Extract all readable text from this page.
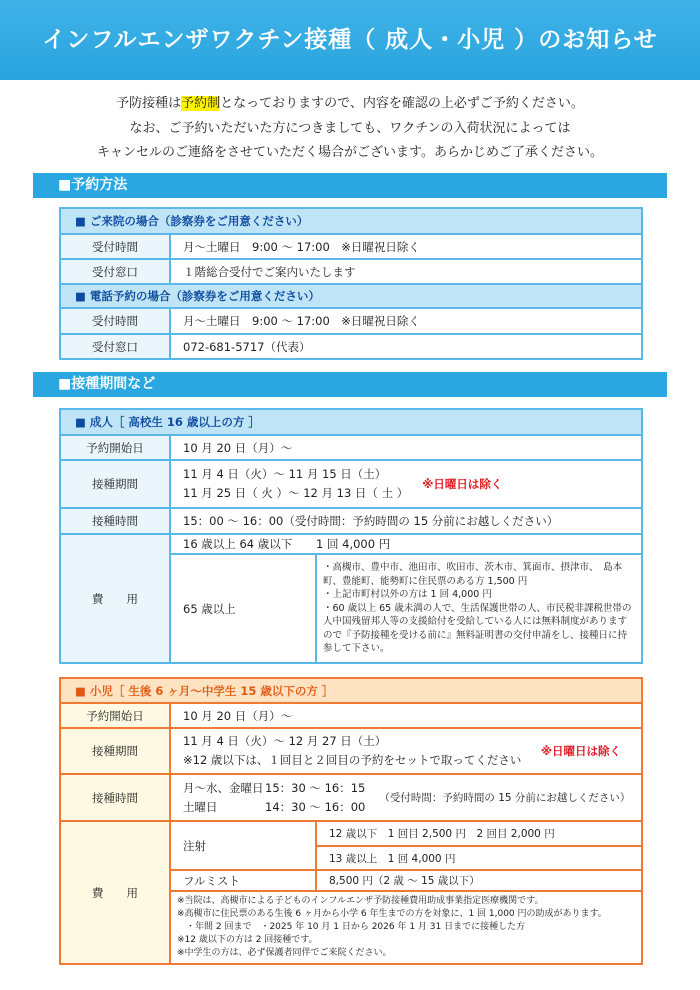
インフルエンザワクチン接種（ 成人・小児 ）のお知らせ
予防接種は予約制となっておりますので、内容を確認の上必ずご予約ください。
なお、ご予約いただいた方につきましても、ワクチンの入荷状況によっては
キャンセルのご連絡をさせていただく場合がございます。あらかじめご了承ください。
■予約方法
■ ご来院の場合（診察券をご用意ください）	
受付時間	月～土曜日　9:00 ～ 17:00　※日曜祝日除く
受付窓口	１階総合受付でご案内いたします
■ 電話予約の場合（診察券をご用意ください）	
受付時間	月～土曜日　9:00 ～ 17:00　※日曜祝日除く
受付窓口	072-681-5717（代表）
■接種期間など
■ 成人［ 高校生 16 歳以上の方 ］		
予約開始日	10 月 20 日（月）～	
接種期間	11 月 4 日（火）～ 11 月 15 日（土）
11 月 25 日（ 火 ）～ 12 月 13 日（ 土 ）
※日曜日は除く	

接種時間	15：00 ～ 16：00（受付時間：予約時間の 15 分前にお越しください）	
費　　用	16 歳以上 64 歳以下	1 回 4,000 円
	65 歳以上	・高槻市、豊中市、池田市、吹田市、茨木市、箕面市、摂津市、　島本町、豊能町、能勢町に住民票のある方 1,500 円
・上記市町村以外の方は 1 回 4,000 円
・60 歳以上 65 歳未満の人で、生活保護世帯の人、市民税非課税世帯の人中国残留邦人等の支援給付を受給している人には無料制度がありますので『予防接種を受ける前に』無料証明書の交付申請をし、接種日に持参して下さい。
■ 小児［ 生後 6 ヶ月～中学生 15 歳以下の方 ］		
予約開始日	10 月 20 日（月）～	
接種期間	11 月 4 日（火）～ 12 月 27 日（土）
※12 歳以下は、１回目と２回目の予約をセットで取ってください
※日曜日は除く	

接種時間	月～水、金曜日 15：30 ～ 16：15
土曜日 14：30 ～ 16：00
（受付時間：予約時間の 15 分前にお越しください）	

費　　用	注射	12 歳以下　1 回目 2,500 円　2 回目 2,000 円
		13 歳以上　1 回 4,000 円
	フルミスト	8,500 円（2 歳 ～ 15 歳以下）

	※当院は、高槻市による子どものインフルエンザ予防接種費用助成事業指定医療機関です。
※高槻市に住民票のある生後 6 ヶ月から小学 6 年生までの方を対象に、1 回 1,000 円の助成があります。
　・年間 2 回まで　・2025 年 10 月 1 日から 2026 年 1 月 31 日までに接種した方
※12 歳以下の方は 2 回接種です。
※中学生の方は、必ず保護者同伴でご来院ください。	
